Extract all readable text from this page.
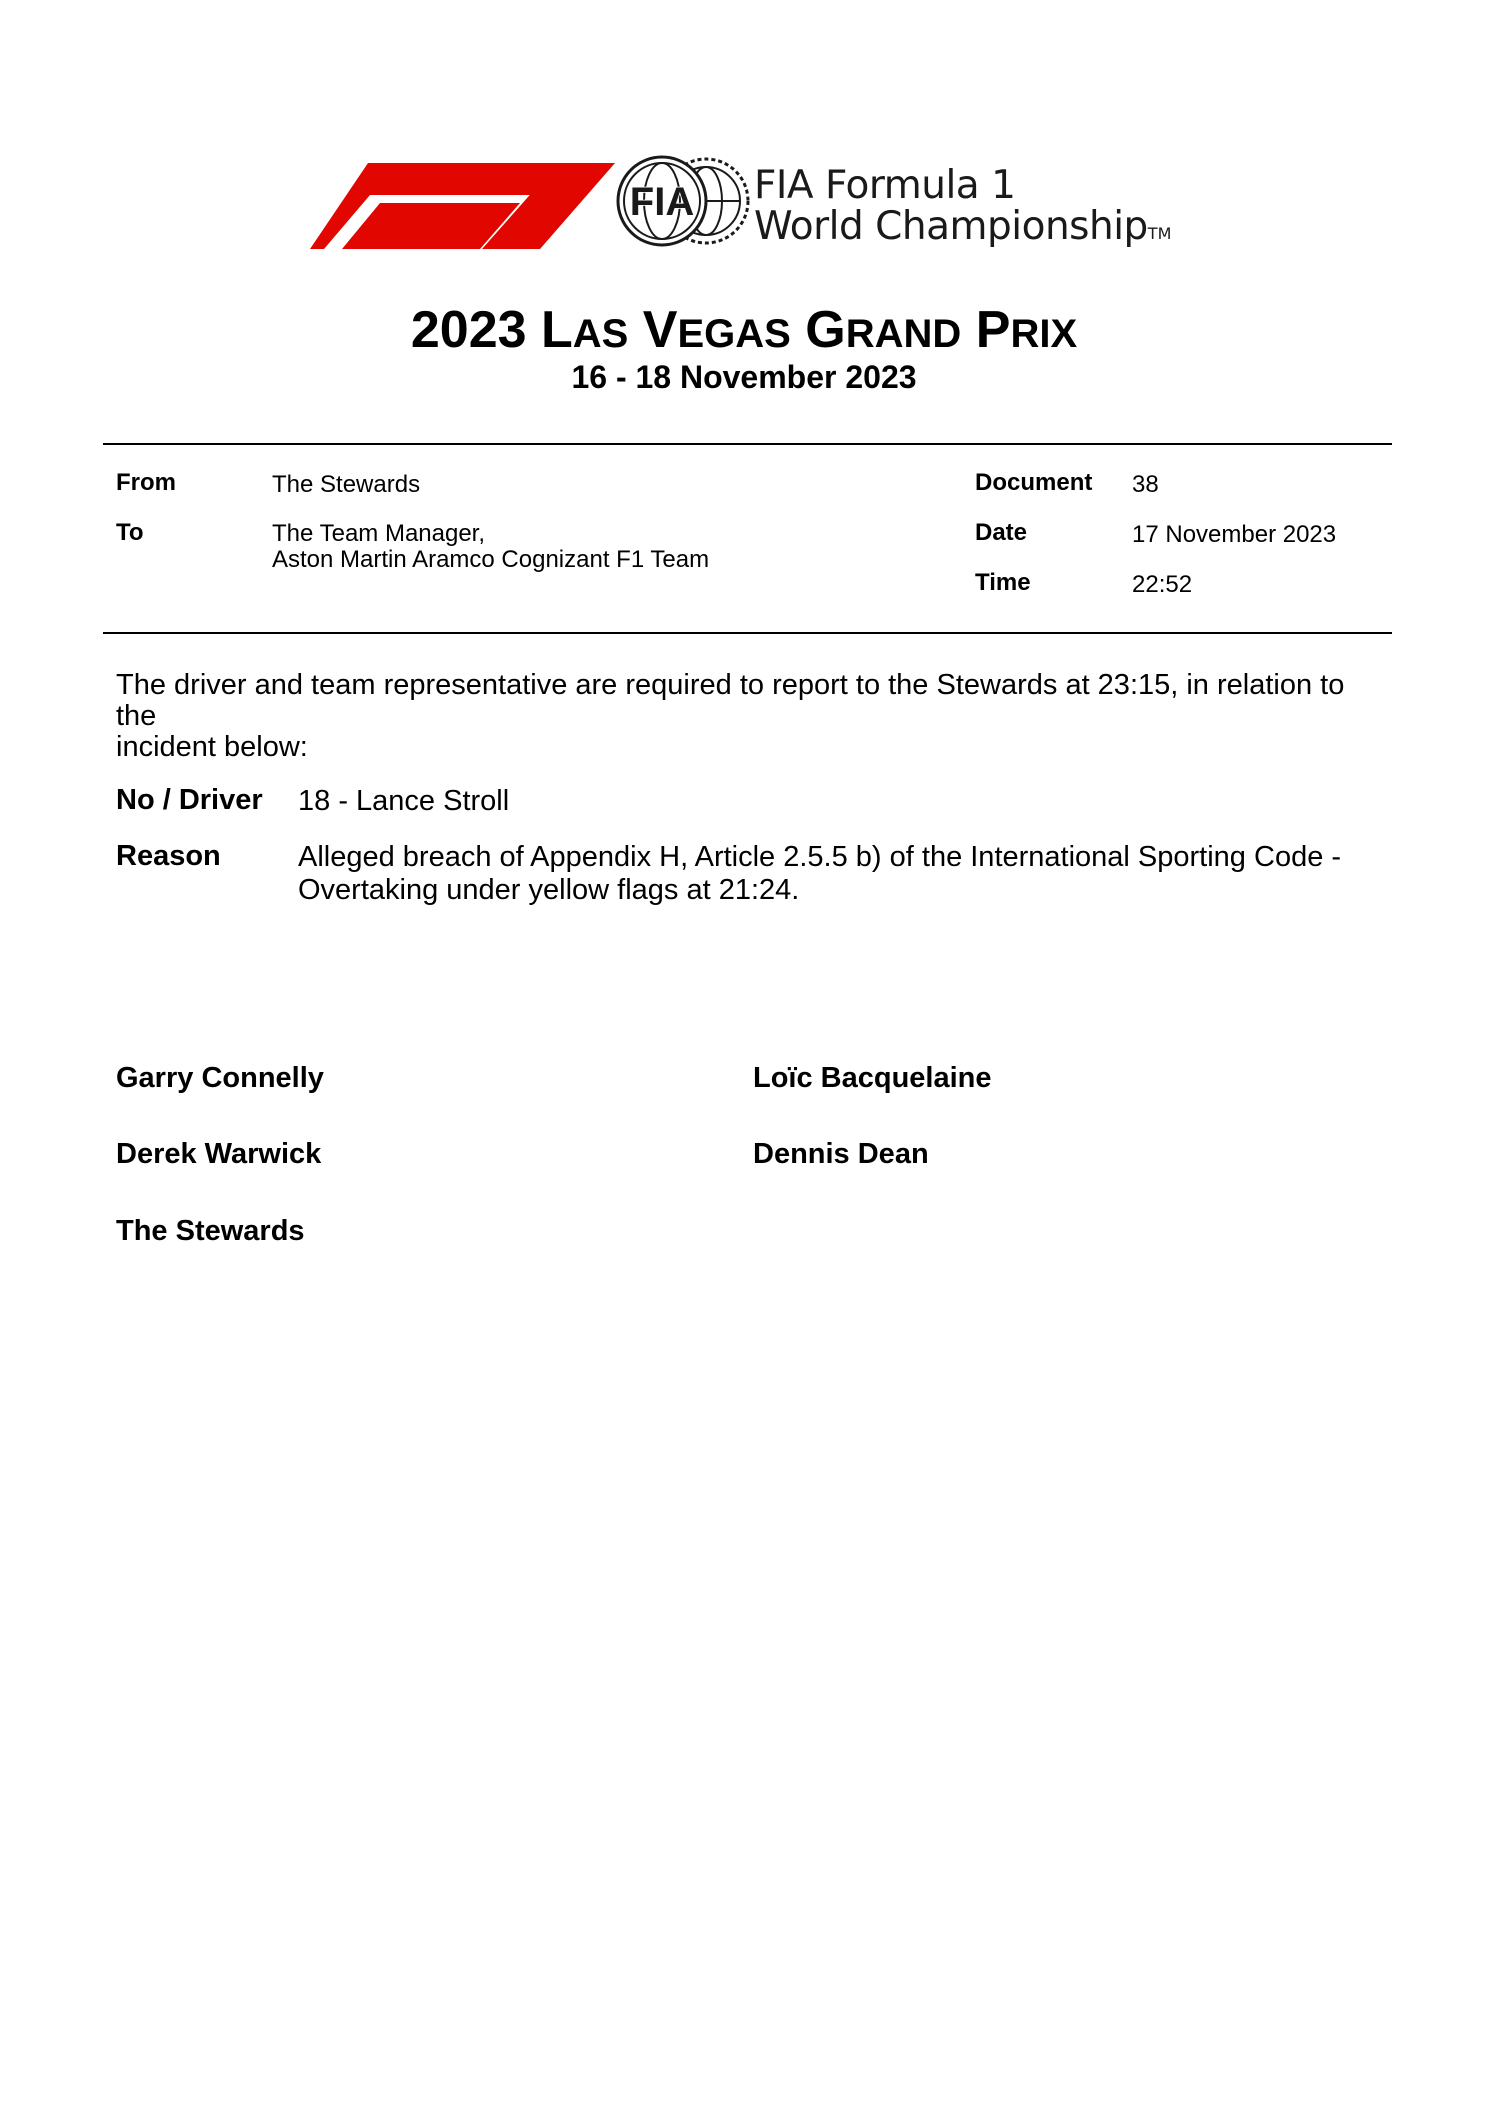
FIA FIA Formula 1
World ChampionshipTM
2023 LAS VEGAS GRAND PRIX
16 - 18 November 2023
From	The Stewards
To	The Team Manager,
Aston Martin Aramco Cognizant F1 Team
Document 38
Date	17 November 2023
Time	22:52
The driver and team representative are required to report to the Stewards at 23:15, in relation to the
incident below:
No / Driver 18 - Lance Stroll
Reason	Alleged breach of Appendix H, Article 2.5.5 b) of the International Sporting Code -
Overtaking under yellow flags at 21:24.
Garry Connelly	Loïc Bacquelaine
Derek Warwick	Dennis Dean
The Stewards
